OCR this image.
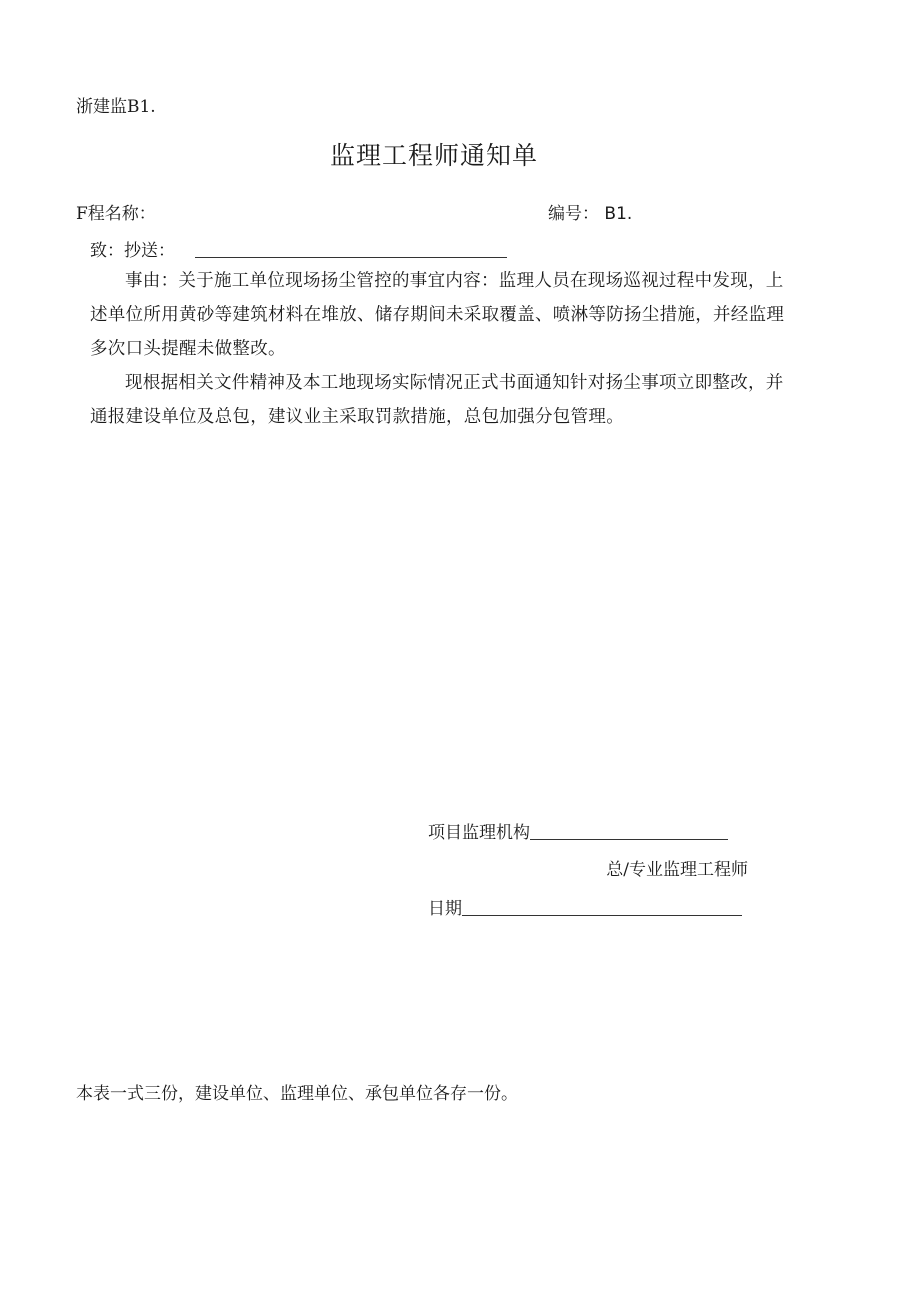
浙建监B1.
监理工程师通知单
F程名称：	编号： B1.
致：抄送：

事由：关于施工单位现场扬尘管控的事宜内容：监理人员在现场巡视过程中发现，上述单位所用黄砂等建筑材料在堆放、储存期间未采取覆盖、喷淋等防扬尘措施，并经监理多次口头提醒未做整改。

现根据相关文件精神及本工地现场实际情况正式书面通知针对扬尘事项立即整改，并通报建设单位及总包，建议业主采取罚款措施，总包加强分包管理。

项目监理机构
总/专业监理工程师
日期
本表一式三份，建设单位、监理单位、承包单位各存一份。
